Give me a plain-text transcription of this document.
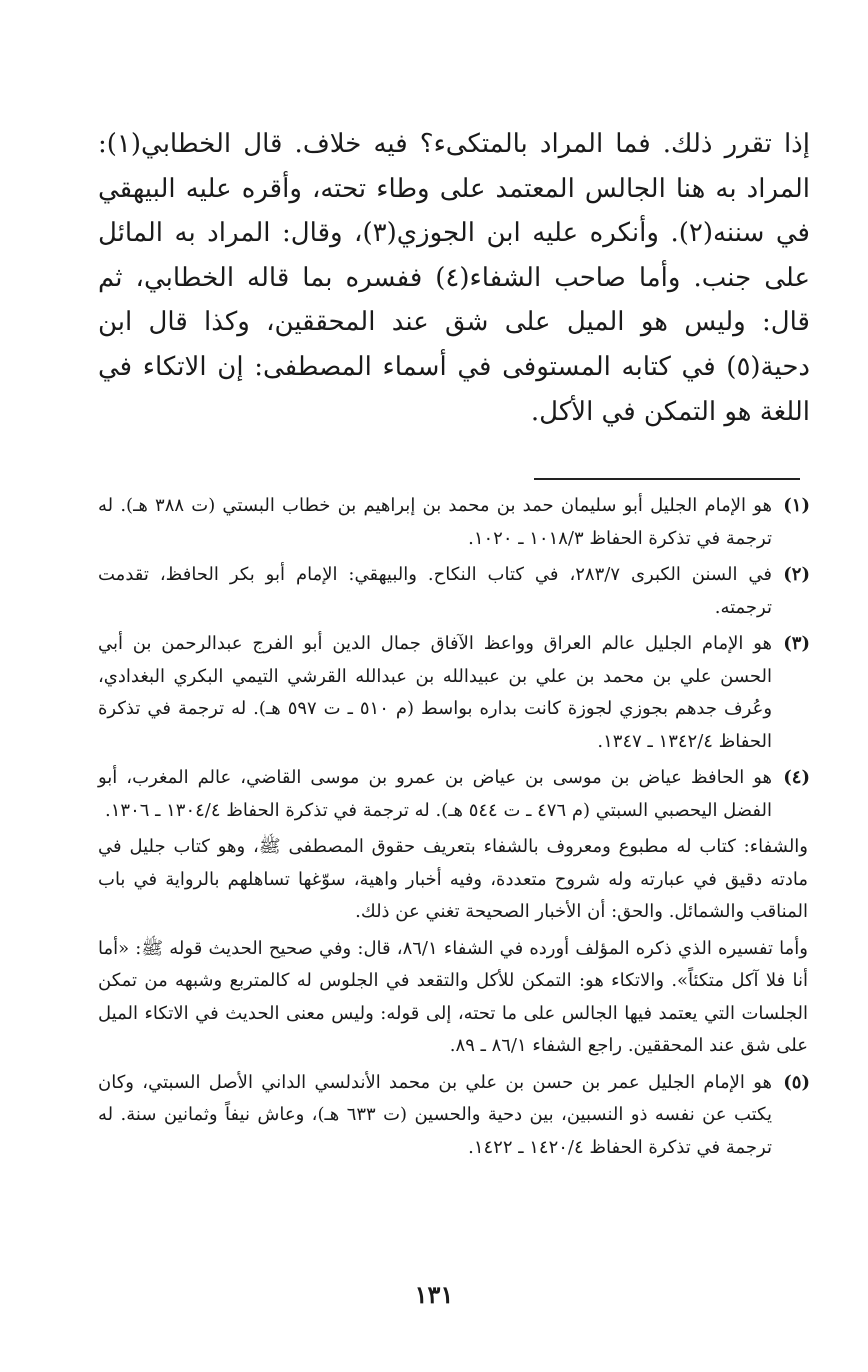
إذا تقرر ذلك. فما المراد بالمتكىء؟ فيه خلاف. قال الخطابي(١): المراد به هنا الجالس المعتمد على وطاء تحته، وأقره عليه البيهقي في سننه(٢). وأنكره عليه ابن الجوزي(٣)، وقال: المراد به المائل على جنب. وأما صاحب الشفاء(٤) ففسره بما قاله الخطابي، ثم قال: وليس هو الميل على شق عند المحققين، وكذا قال ابن دحية(٥) في كتابه المستوفى في أسماء المصطفى: إن الاتكاء في اللغة هو التمكن في الأكل.

(١)

هو الإمام الجليل أبو سليمان حمد بن محمد بن إبراهيم بن خطاب البستي (ت ٣٨٨ هـ). له ترجمة في تذكرة الحفاظ ١٠١٨/٣ ـ ١٠٢٠.

(٢)

في السنن الكبرى ٢٨٣/٧، في كتاب النكاح. والبيهقي: الإمام أبو بكر الحافظ، تقدمت ترجمته.

(٣)

هو الإمام الجليل عالم العراق وواعظ الآفاق جمال الدين أبو الفرج عبدالرحمن بن أبي الحسن علي بن محمد بن علي بن عبيدالله بن عبدالله القرشي التيمي البكري البغدادي، وعُرف جدهم بجوزي لجوزة كانت بداره بواسط (م ٥١٠ ـ ت ٥٩٧ هـ). له ترجمة في تذكرة الحفاظ ١٣٤٢/٤ ـ ١٣٤٧.

(٤)

هو الحافظ عياض بن موسى بن عياض بن عمرو بن موسى القاضي، عالم المغرب، أبو الفضل اليحصبي السبتي (م ٤٧٦ ـ ت ٥٤٤ هـ). له ترجمة في تذكرة الحفاظ ١٣٠٤/٤ ـ ١٣٠٦.

والشفاء: كتاب له مطبوع ومعروف بالشفاء بتعريف حقوق المصطفى ﷺ، وهو كتاب جليل في مادته دقيق في عبارته وله شروح متعددة، وفيه أخبار واهية، سوّغها تساهلهم بالرواية في باب المناقب والشمائل. والحق: أن الأخبار الصحيحة تغني عن ذلك.

وأما تفسيره الذي ذكره المؤلف أورده في الشفاء ٨٦/١، قال: وفي صحيح الحديث قوله ﷺ: «أما أنا فلا آكل متكئاً». والاتكاء هو: التمكن للأكل والتقعد في الجلوس له كالمتربع وشبهه من تمكن الجلسات التي يعتمد فيها الجالس على ما تحته، إلى قوله: وليس معنى الحديث في الاتكاء الميل على شق عند المحققين. راجع الشفاء ٨٦/١ ـ ٨٩.

(٥)

هو الإمام الجليل عمر بن حسن بن علي بن محمد الأندلسي الداني الأصل السبتي، وكان يكتب عن نفسه ذو النسبين، بين دحية والحسين (ت ٦٣٣ هـ)، وعاش نيفاً وثمانين سنة. له ترجمة في تذكرة الحفاظ ١٤٢٠/٤ ـ ١٤٢٢.

١٣١
